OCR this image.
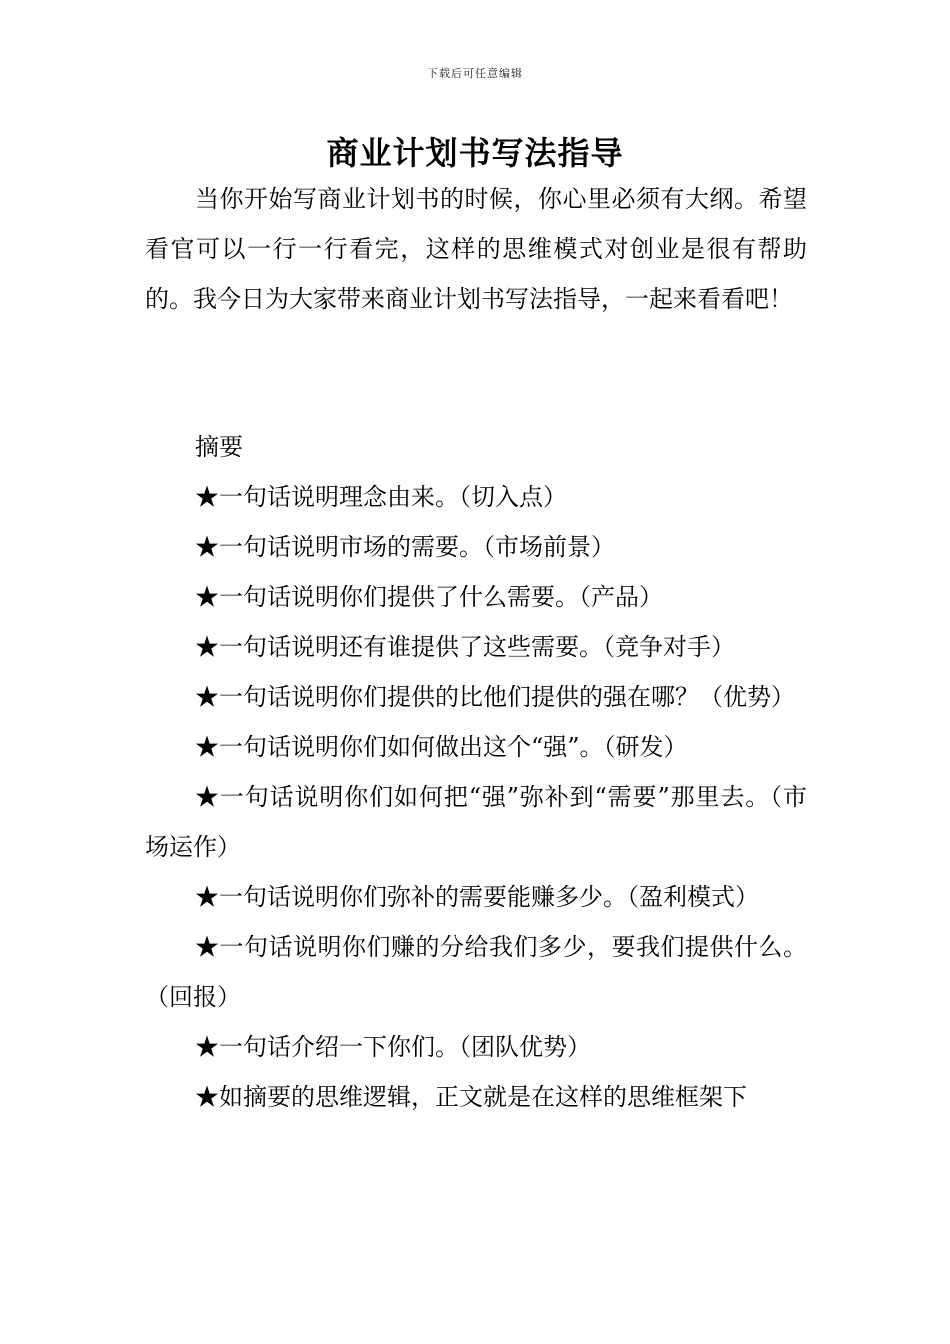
下载后可任意编辑
商业计划书写法指导

当你开始写商业计划书的时候，你心里必须有大纲。希望看官可以一行一行看完，这样的思维模式对创业是很有帮助的。我今日为大家带来商业计划书写法指导，一起来看看吧！

摘要

★一句话说明理念由来。（切入点）
★一句话说明市场的需要。（市场前景）
★一句话说明你们提供了什么需要。（产品）
★一句话说明还有谁提供了这些需要。（竞争对手）
★一句话说明你们提供的比他们提供的强在哪？（优势）
★一句话说明你们如何做出这个“强”。（研发）
★一句话说明你们如何把“强”弥补到“需要”那里去。（市场运作）
★一句话说明你们弥补的需要能赚多少。（盈利模式）
★一句话说明你们赚的分给我们多少，要我们提供什么。（回报）
★一句话介绍一下你们。（团队优势）
★如摘要的思维逻辑，正文就是在这样的思维框架下
